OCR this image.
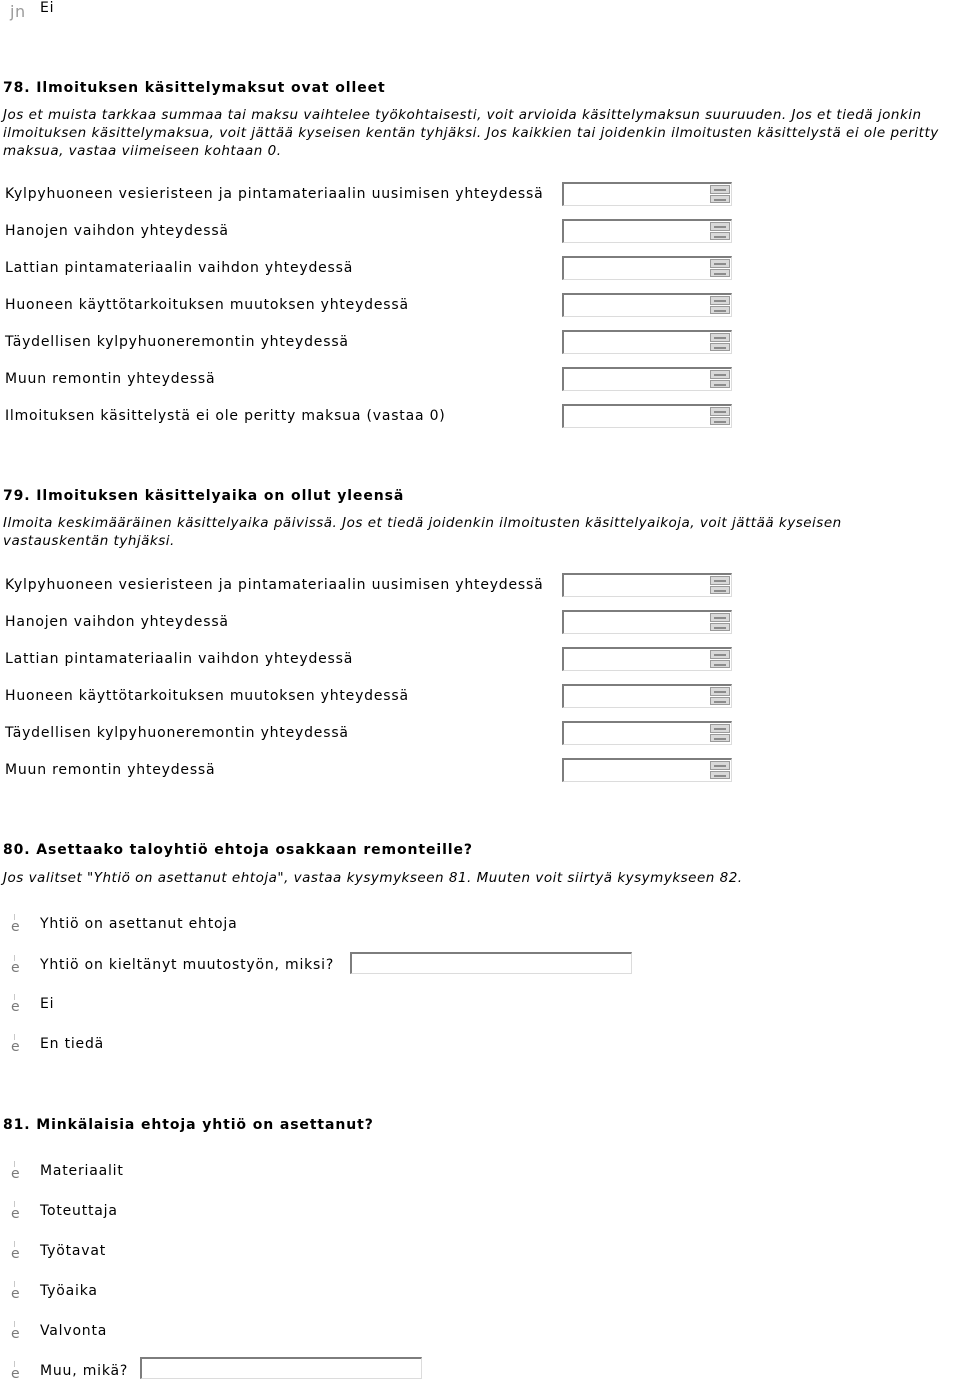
jn Ei
78. Ilmoituksen käsittelymaksut ovat olleet
Jos et muista tarkkaa summaa tai maksu vaihtelee työkohtaisesti, voit arvioida käsittelymaksun suuruuden. Jos et tiedä jonkin ilmoituksen käsittelymaksua, voit jättää kyseisen kentän tyhjäksi. Jos kaikkien tai joidenkin ilmoitusten käsittelystä ei ole peritty maksua, vastaa viimeiseen kohtaan 0.
Kylpyhuoneen vesieristeen ja pintamateriaalin uusimisen yhteydessä
Hanojen vaihdon yhteydessä
Lattian pintamateriaalin vaihdon yhteydessä
Huoneen käyttötarkoituksen muutoksen yhteydessä
Täydellisen kylpyhuoneremontin yhteydessä
Muun remontin yhteydessä
Ilmoituksen käsittelystä ei ole peritty maksua (vastaa 0)
79. Ilmoituksen käsittelyaika on ollut yleensä
Ilmoita keskimääräinen käsittelyaika päivissä. Jos et tiedä joidenkin ilmoitusten käsittelyaikoja, voit jättää kyseisen vastauskentän tyhjäksi.
Kylpyhuoneen vesieristeen ja pintamateriaalin uusimisen yhteydessä
Hanojen vaihdon yhteydessä
Lattian pintamateriaalin vaihdon yhteydessä
Huoneen käyttötarkoituksen muutoksen yhteydessä
Täydellisen kylpyhuoneremontin yhteydessä
Muun remontin yhteydessä
80. Asettaako taloyhtiö ehtoja osakkaan remonteille?
Jos valitset "Yhtiö on asettanut ehtoja", vastaa kysymykseen 81. Muuten voit siirtyä kysymykseen 82.
e Yhtiö on asettanut ehtoja
e Yhtiö on kieltänyt muutostyön, miksi?
e Ei
e En tiedä
81. Minkälaisia ehtoja yhtiö on asettanut?
e Materiaalit
e Toteuttaja
e Työtavat
e Työaika
e Valvonta
e Muu, mikä?
